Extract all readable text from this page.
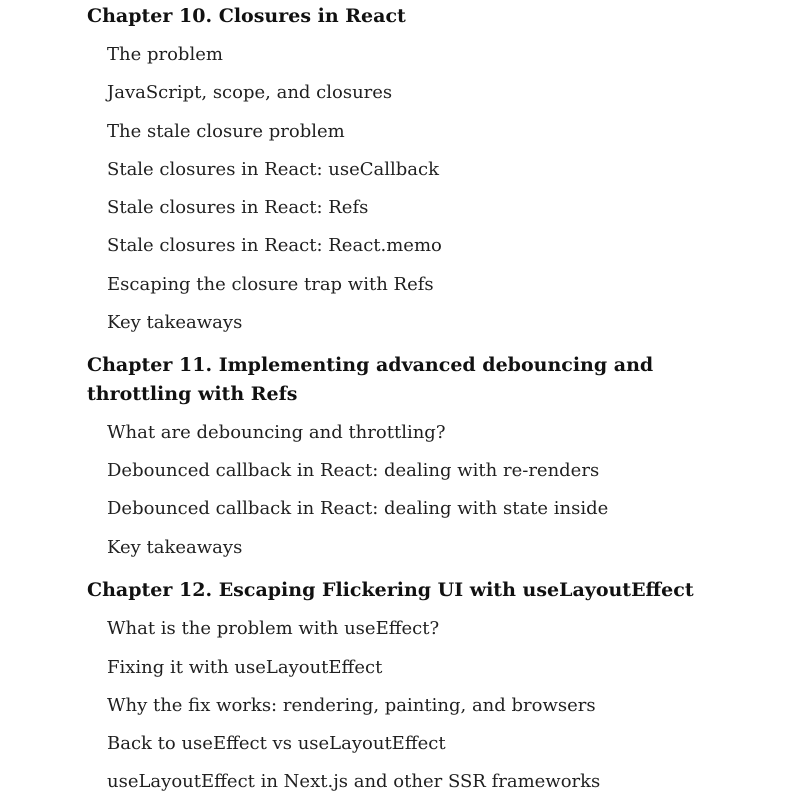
Chapter 10. Closures in React
The problem
JavaScript, scope, and closures
The stale closure problem
Stale closures in React: useCallback
Stale closures in React: Refs
Stale closures in React: React.memo
Escaping the closure trap with Refs
Key takeaways
Chapter 11. Implementing advanced debouncing and throttling with Refs
What are debouncing and throttling?
Debounced callback in React: dealing with re-renders
Debounced callback in React: dealing with state inside
Key takeaways
Chapter 12. Escaping Flickering UI with useLayoutEffect
What is the problem with useEffect?
Fixing it with useLayoutEffect
Why the fix works: rendering, painting, and browsers
Back to useEffect vs useLayoutEffect
useLayoutEffect in Next.js and other SSR frameworks
